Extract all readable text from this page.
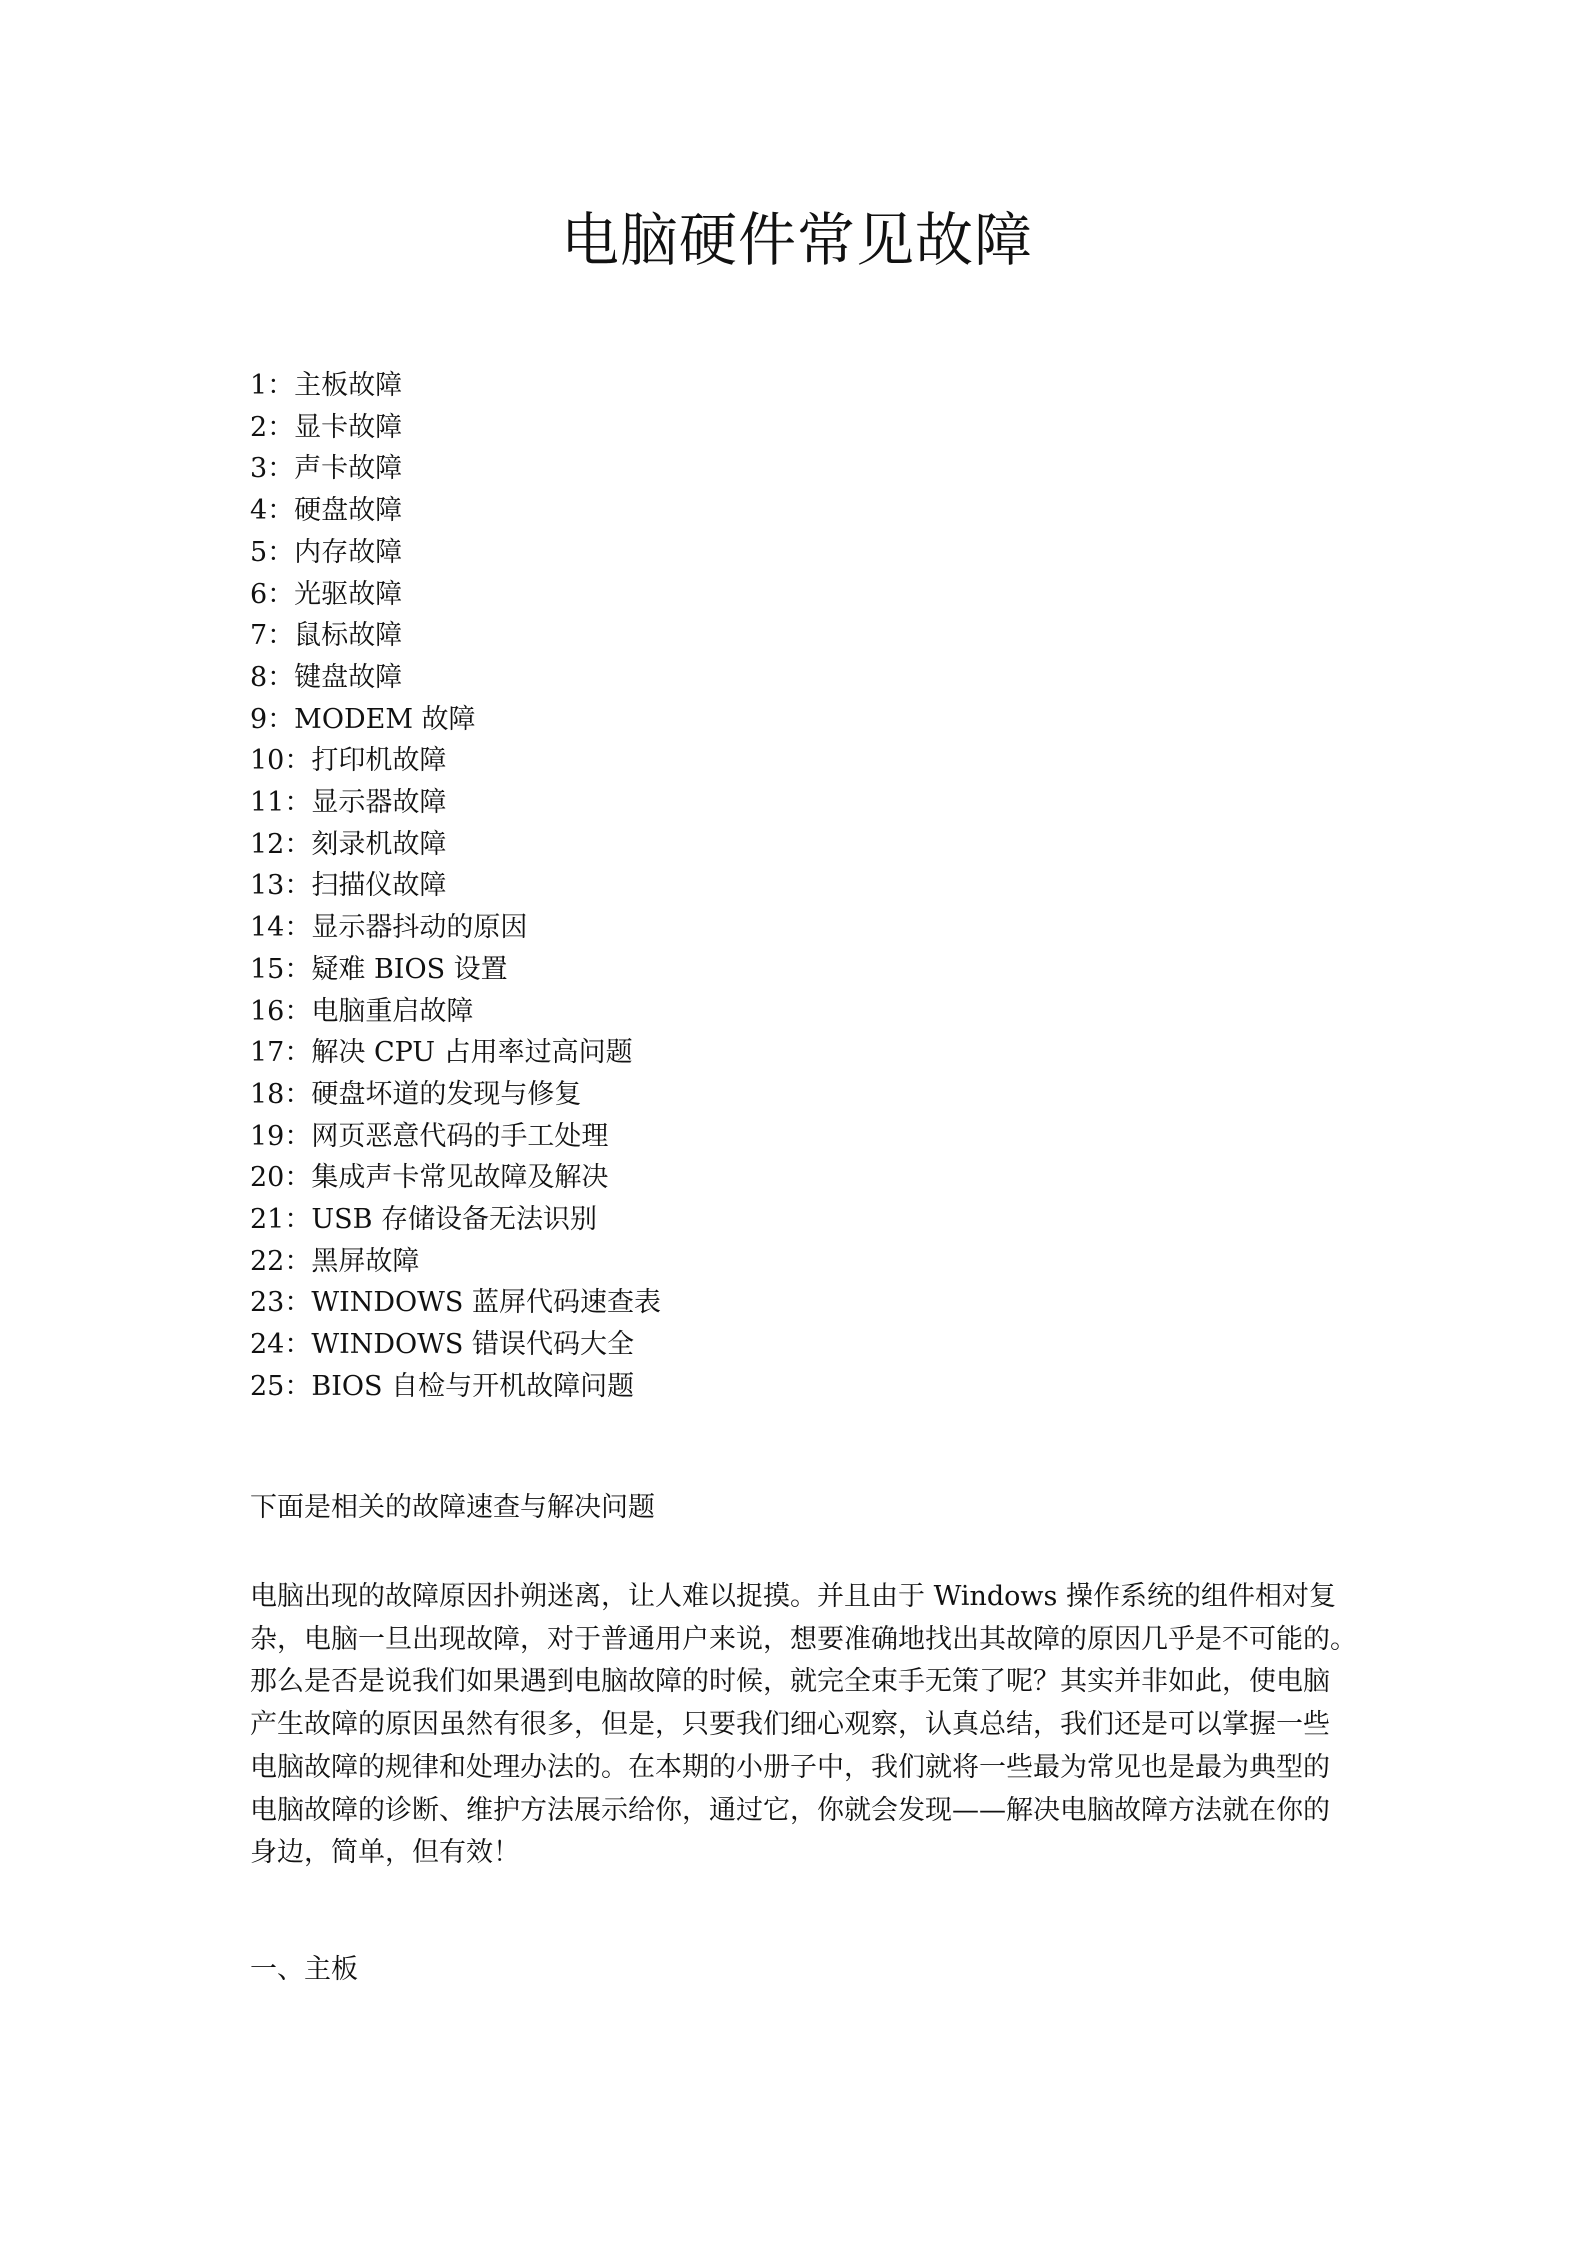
电脑硬件常见故障
1：主板故障
2：显卡故障
3：声卡故障
4：硬盘故障
5：内存故障
6：光驱故障
7：鼠标故障
8：键盘故障
9：MODEM 故障
10：打印机故障
11：显示器故障
12：刻录机故障
13：扫描仪故障
14：显示器抖动的原因
15：疑难 BIOS 设置
16：电脑重启故障
17：解决 CPU 占用率过高问题
18：硬盘坏道的发现与修复
19：网页恶意代码的手工处理
20：集成声卡常见故障及解决
21：USB 存储设备无法识别
22：黑屏故障
23：WINDOWS 蓝屏代码速查表
24：WINDOWS 错误代码大全
25：BIOS 自检与开机故障问题

下面是相关的故障速查与解决问题

电脑出现的故障原因扑朔迷离，让人难以捉摸。并且由于 Windows 操作系统的组件相对复
杂，电脑一旦出现故障，对于普通用户来说，想要准确地找出其故障的原因几乎是不可能的。
那么是否是说我们如果遇到电脑故障的时候，就完全束手无策了呢？其实并非如此，使电脑
产生故障的原因虽然有很多，但是，只要我们细心观察，认真总结，我们还是可以掌握一些
电脑故障的规律和处理办法的。在本期的小册子中，我们就将一些最为常见也是最为典型的
电脑故障的诊断、维护方法展示给你，通过它，你就会发现——解决电脑故障方法就在你的
身边，简单，但有效！

一、主板
